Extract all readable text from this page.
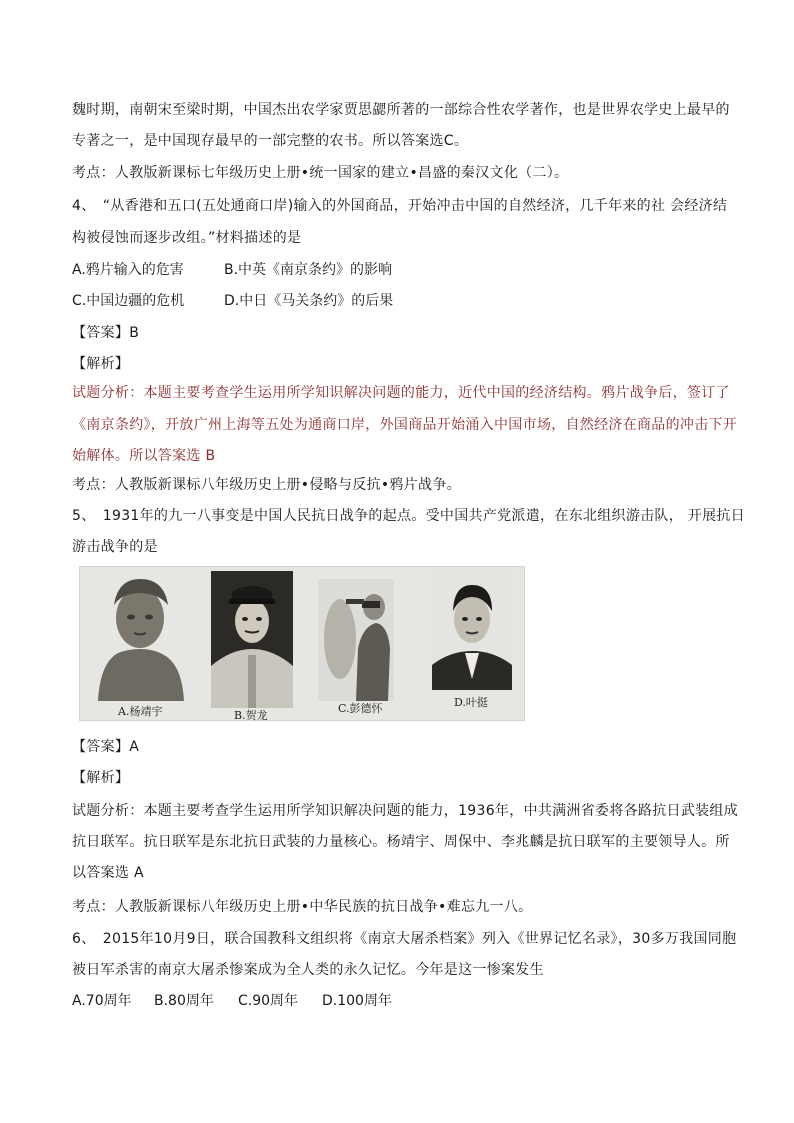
魏时期，南朝宋至梁时期，中国杰出农学家贾思勰所著的一部综合性农学著作，也是世界农学史上最早的
专著之一，是中国现存最早的一部完整的农书。所以答案选C。
考点：人教版新课标七年级历史上册•统一国家的建立•昌盛的秦汉文化（二）。
4、　“从香港和五口(五处通商口岸)输入的外国商品，开始冲击中国的自然经济，几千年来的社 会经济结
构被侵蚀而逐步改组。”材料描述的是
A.鸦片输入的危害	B.中英《南京条约》的影响
C.中国边疆的危机	D.中日《马关条约》的后果
【答案】B
【解析】
试题分析：本题主要考查学生运用所学知识解决问题的能力，近代中国的经济结构。鸦片战争后，签订了
《南京条约》，开放广州上海等五处为通商口岸，外国商品开始涌入中国市场，自然经济在商品的冲击下开
始解体。所以答案选 B
考点：人教版新课标八年级历史上册•侵略与反抗•鸦片战争。
5、　1931年的九一八事变是中国人民抗日战争的起点。受中国共产党派遣，在东北组织游击队， 开展抗日
游击战争的是
A.杨靖宇	B.贺龙
C.彭德怀	D.叶挺
【答案】A
【解析】
试题分析：本题主要考查学生运用所学知识解决问题的能力，1936年，中共满洲省委将各路抗日武装组成
抗日联军。抗日联军是东北抗日武装的力量核心。杨靖宇、周保中、李兆麟是抗日联军的主要领导人。所
以答案选 A
考点：人教版新课标八年级历史上册•中华民族的抗日战争•难忘九一八。
6、　2015年10月9日，联合国教科文组织将《南京大屠杀档案》列入《世界记忆名录》，30多万我国同胞
被日军杀害的南京大屠杀惨案成为全人类的永久记忆。今年是这一惨案发生
A.70周年 B.80周年 C.90周年 D.100周年
